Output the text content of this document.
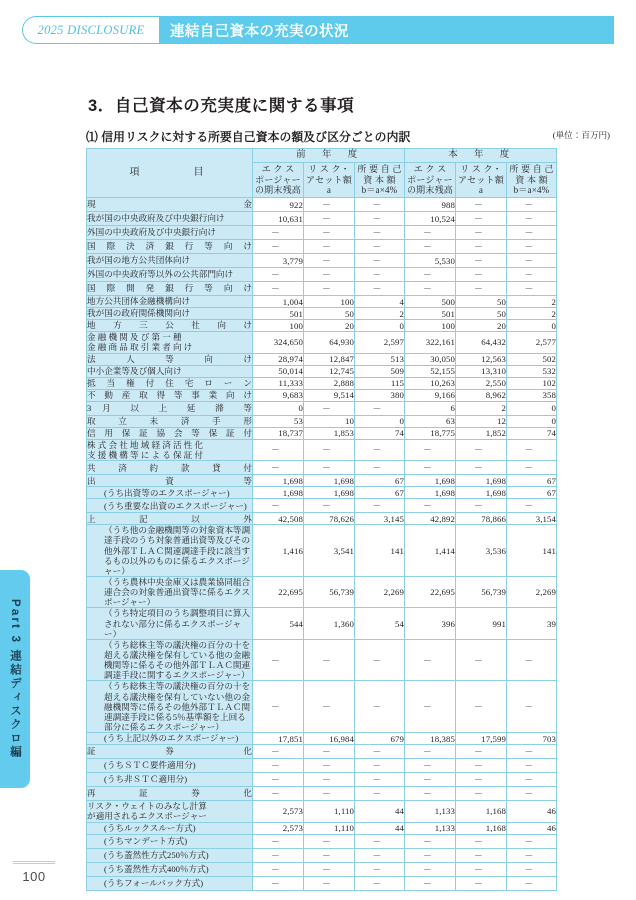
2025 DISCLOSURE	連結自己資本の充実の状況
3．自己資本の充実度に関する事項
⑴ 信用リスクに対する所要自己資本の額及び区分ごとの内訳	(単位：百万円)
Part 3 連結ディスクロ編
100
項　　　目	前　年　度			本　年　度		

	エ ク ス
ポージャー
の期末残高	リ ス ク・
アセット額
a	所 要 自 己
資 本 額
b＝a×4%	エ ク ス
ポージャー
の期末残高	リ ス ク・
アセット額
a	所 要 自 己
資 本 額
b＝a×4%

現　　　　　　　　　　金	922	－	－	988	－	－

我が国の中央政府及び中央銀行向け	10,631	－	－	10,524	－	－

外国の中央政府及び中央銀行向け	－	－	－	－	－	－

国 際 決 済 銀 行 等 向 け	－	－	－	－	－	－

我が国の地方公共団体向け	3,779	－	－	5,530	－	－

外国の中央政府等以外の公共部門向け	－	－	－	－	－	－

国 際 開 発 銀 行 等 向 け	－	－	－	－	－	－

地方公共団体金融機構向け	1,004	100	4	500	50	2

我が国の政府関係機関向け	501	50	2	501	50	2

地 方 三 公 社 向 け	100	20	0	100	20	0

金 融 機 関 及 び 第 一 種
金 融 商 品 取 引 業 者 向 け	324,650	64,930	2,597	322,161	64,432	2,577

法　　人　　等　　向　　け	28,974	12,847	513	30,050	12,563	502

中小企業等及び個人向け	50,014	12,745	509	52,155	13,310	532

抵 当 権 付 住 宅 ロ ー ン	11,333	2,888	115	10,263	2,550	102

不 動 産 取 得 等 事 業 向 け	9,683	9,514	380	9,166	8,962	358

3 月 以 上 延 滞 等	0	－	－	6	2	0

取 立 未 済 手 形	53	10	0	63	12	0

信 用 保 証 協 会 等 保 証 付	18,737	1,853	74	18,775	1,852	74

株 式 会 社 地 域 経 済 活 性 化
支 援 機 構 等 に よ る 保 証 付	－	－	－	－	－	－

共 済 約 款 貸 付	－	－	－	－	－	－

出　　　資　　　等	1,698	1,698	67	1,698	1,698	67

(うち出資等のエクスポージャー)	1,698	1,698	67	1,698	1,698	67

(うち重要な出資のエクスポージャー)	－	－	－	－	－	－

上　　記　　以　　外	42,508	78,626	3,145	42,892	78,866	3,154

（うち他の金融機関等の対象資本等調達手段のうち対象普通出資等及びその他外部ＴＬＡＣ関連調達手段に該当するもの以外のものに係るエクスポージャー）	1,416	3,541	141	1,414	3,536	141

（うち農林中央金庫又は農業協同組合連合会の対象普通出資等に係るエクスポージャー）	22,695	56,739	2,269	22,695	56,739	2,269

（うち特定項目のうち調整項目に算入されない部分に係るエクスポージャー）	544	1,360	54	396	991	39

（うち総株主等の議決権の百分の十を超える議決権を保有している他の金融機関等に係るその他外部ＴＬＡＣ関連調達手段に関するエクスポージャー）	－	－	－	－	－	－

（うち総株主等の議決権の百分の十を超える議決権を保有していない他の金融機関等に係るその他外部ＴＬＡＣ関連調達手段に係る5％基準額を上回る部分に係るエクスポージャー）	－	－	－	－	－	－

(うち上記以外のエクスポージャー)	17,851	16,984	679	18,385	17,599	703

証　　　券　　　化	－	－	－	－	－	－

(うちＳＴＣ要件適用分)	－	－	－	－	－	－

(うち非ＳＴＣ適用分)	－	－	－	－	－	－

再　　証　　券　　化	－	－	－	－	－	－

リスク・ウェイトのみなし計算
が適用されるエクスポージャー	2,573	1,110	44	1,133	1,168	46

(うちルックスルー方式)	2,573	1,110	44	1,133	1,168	46

(うちマンデート方式)	－	－	－	－	－	－

(うち蓋然性方式250％方式)	－	－	－	－	－	－

(うち蓋然性方式400％方式)	－	－	－	－	－	－

(うちフォールバック方式)	－	－	－	－	－	－
